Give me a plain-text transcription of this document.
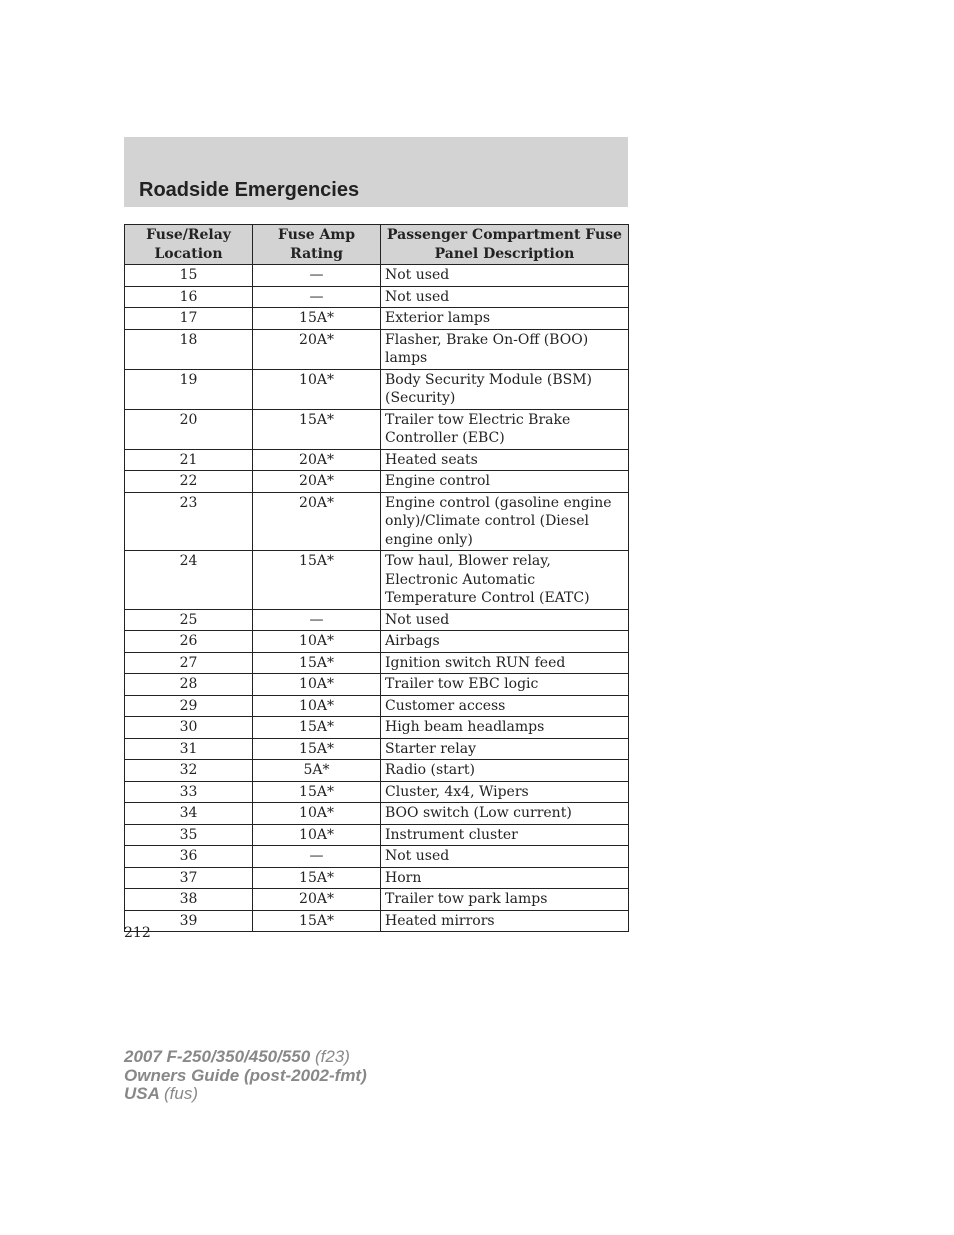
Roadside Emergencies
Fuse/Relay Location	Fuse Amp Rating	Passenger Compartment Fuse Panel Description
15	—	Not used
16	—	Not used
17	15A*	Exterior lamps
18	20A*	Flasher, Brake On-Off (BOO) lamps
19	10A*	Body Security Module (BSM) (Security)
20	15A*	Trailer tow Electric Brake Controller (EBC)
21	20A*	Heated seats
22	20A*	Engine control
23	20A*	Engine control (gasoline engine only)/Climate control (Diesel engine only)
24	15A*	Tow haul, Blower relay, Electronic Automatic Temperature Control (EATC)
25	—	Not used
26	10A*	Airbags
27	15A*	Ignition switch RUN feed
28	10A*	Trailer tow EBC logic
29	10A*	Customer access
30	15A*	High beam headlamps
31	15A*	Starter relay
32	5A*	Radio (start)
33	15A*	Cluster, 4x4, Wipers
34	10A*	BOO switch (Low current)
35	10A*	Instrument cluster
36	—	Not used
37	15A*	Horn
38	20A*	Trailer tow park lamps
39	15A*	Heated mirrors
212
2007 F-250/350/450/550 (f23)
Owners Guide (post-2002-fmt)
USA (fus)
